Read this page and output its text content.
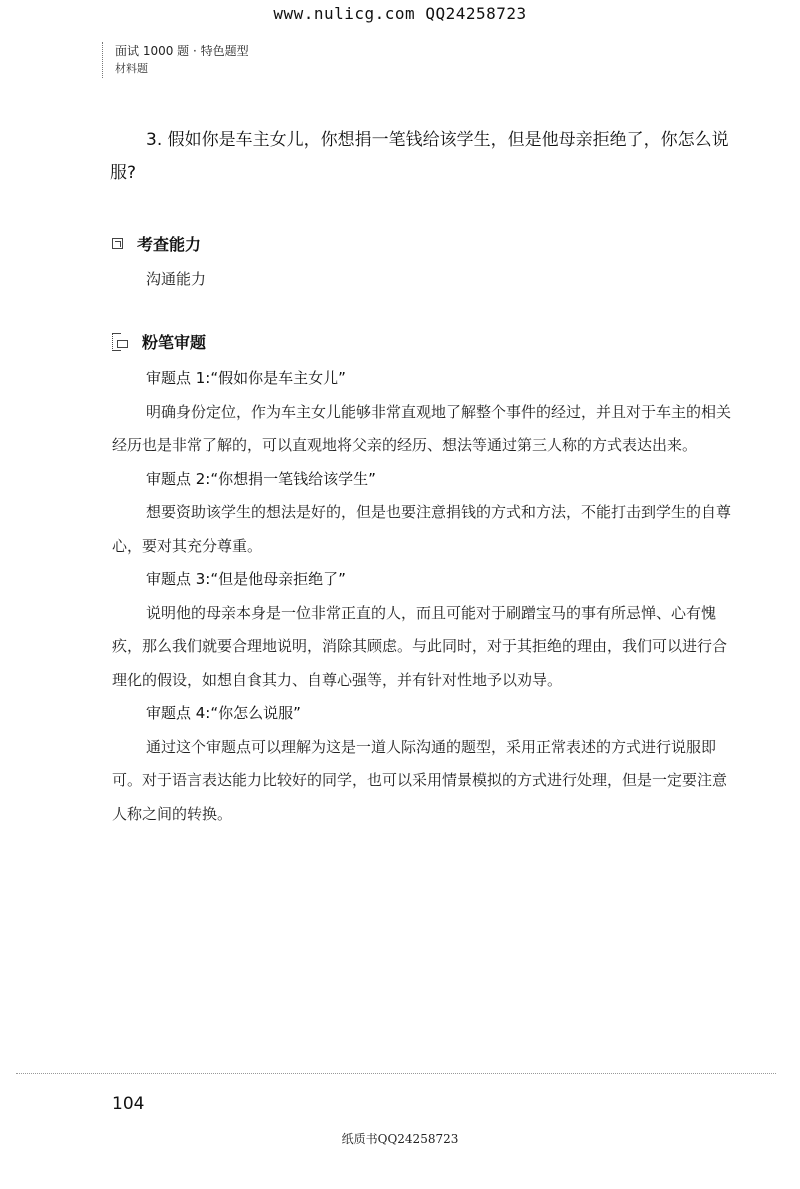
www.nulicg.com QQ24258723
面试 1000 题 · 特色题型
材料题
3. 假如你是车主女儿，你想捐一笔钱给该学生，但是他母亲拒绝了，你怎么说服?
考查能力
沟通能力
粉笔审题

审题点 1:“假如你是车主女儿”

明确身份定位，作为车主女儿能够非常直观地了解整个事件的经过，并且对于车主的相关经历也是非常了解的，可以直观地将父亲的经历、想法等通过第三人称的方式表达出来。

审题点 2:“你想捐一笔钱给该学生”

想要资助该学生的想法是好的，但是也要注意捐钱的方式和方法，不能打击到学生的自尊心，要对其充分尊重。

审题点 3:“但是他母亲拒绝了”

说明他的母亲本身是一位非常正直的人，而且可能对于刷蹭宝马的事有所忌惮、心有愧疚，那么我们就要合理地说明，消除其顾虑。与此同时，对于其拒绝的理由，我们可以进行合理化的假设，如想自食其力、自尊心强等，并有针对性地予以劝导。

审题点 4:“你怎么说服”

通过这个审题点可以理解为这是一道人际沟通的题型，采用正常表述的方式进行说服即可。对于语言表达能力比较好的同学，也可以采用情景模拟的方式进行处理，但是一定要注意人称之间的转换。

104
纸质书QQ24258723
